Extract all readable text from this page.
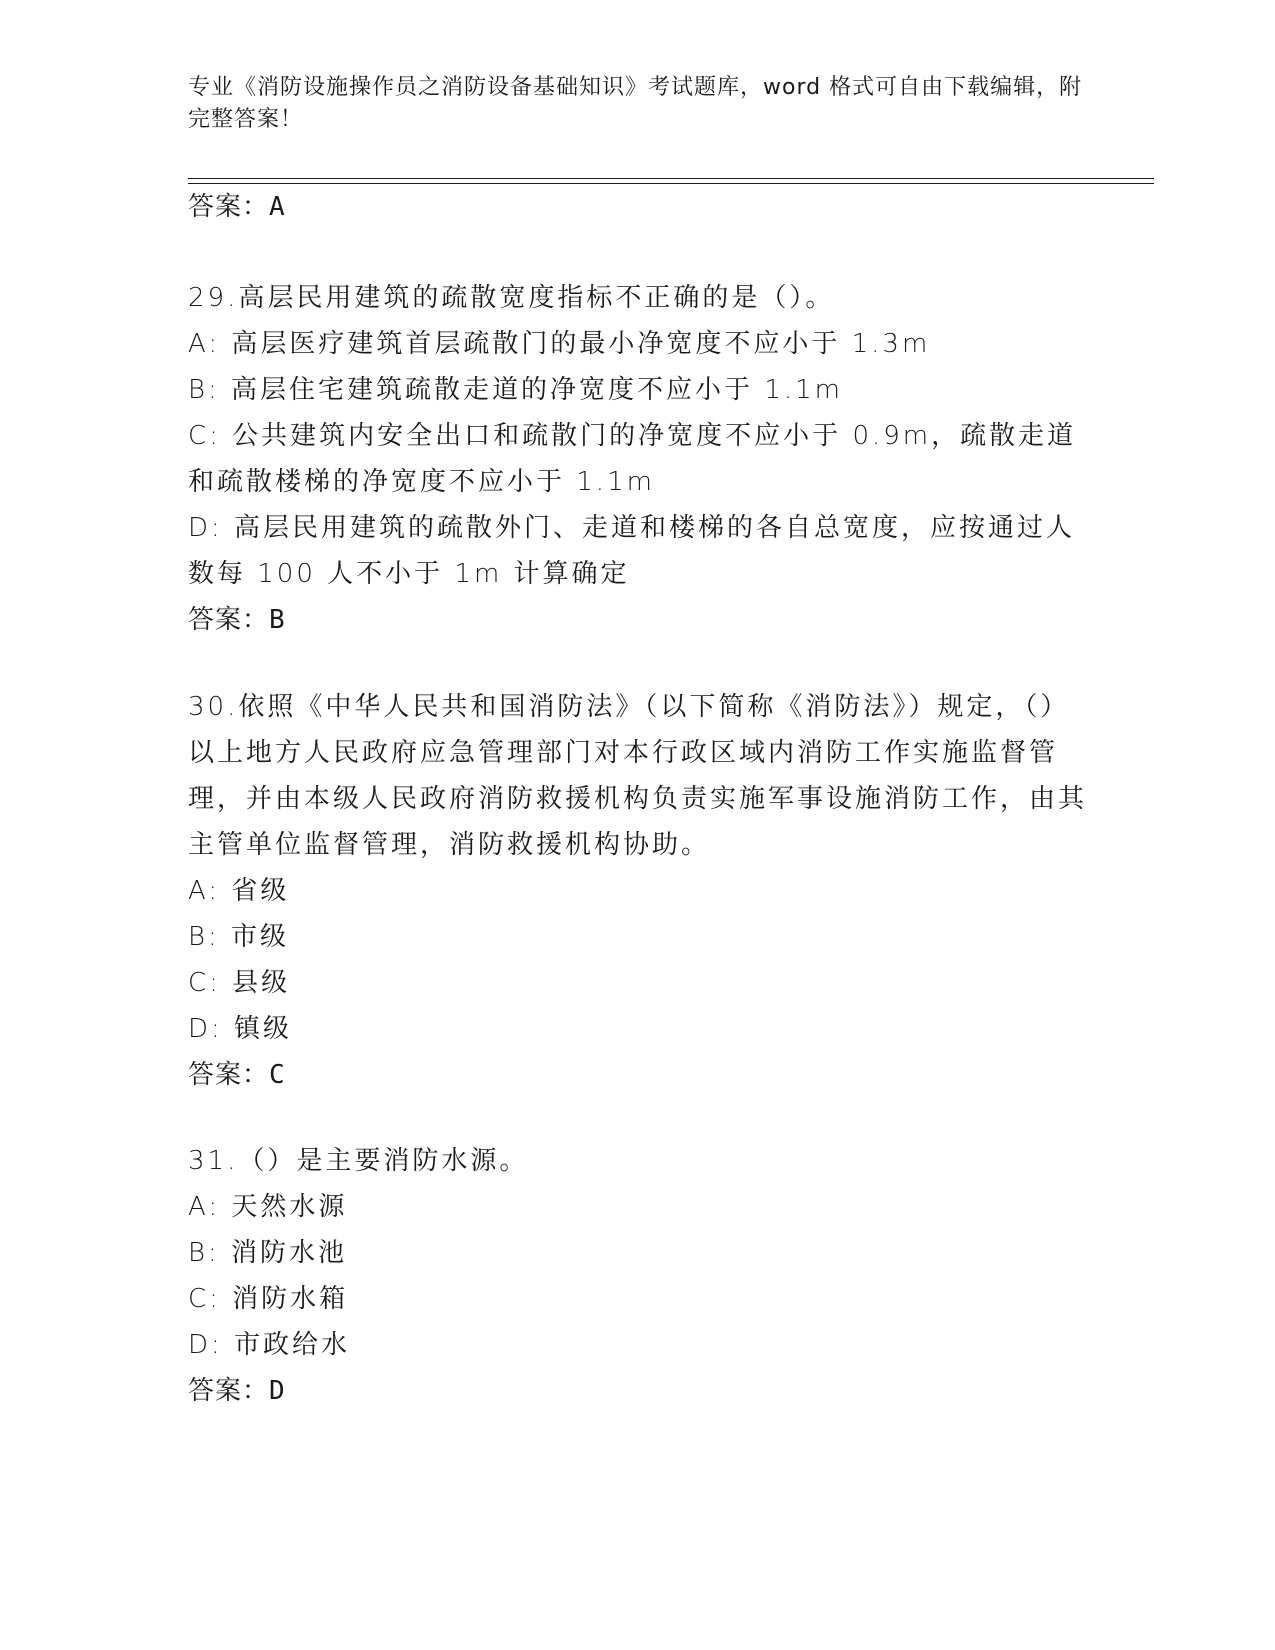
专业《消防设施操作员之消防设备基础知识》考试题库，word 格式可自由下载编辑，附完整答案！
答案：A
29.高层民用建筑的疏散宽度指标不正确的是（）。
A: 高层医疗建筑首层疏散门的最小净宽度不应小于 1.3m
B: 高层住宅建筑疏散走道的净宽度不应小于 1.1m
C: 公共建筑内安全出口和疏散门的净宽度不应小于 0.9m，疏散走道和疏散楼梯的净宽度不应小于 1.1m
D: 高层民用建筑的疏散外门、走道和楼梯的各自总宽度，应按通过人数每 100 人不小于 1m 计算确定
答案：B
30.依照《中华人民共和国消防法》（以下简称《消防法》）规定，（）以上地方人民政府应急管理部门对本行政区域内消防工作实施监督管理，并由本级人民政府消防救援机构负责实施军事设施消防工作，由其主管单位监督管理，消防救援机构协助。
A: 省级
B: 市级
C: 县级
D: 镇级
答案：C
31.（）是主要消防水源。
A: 天然水源
B: 消防水池
C: 消防水箱
D: 市政给水
答案：D
